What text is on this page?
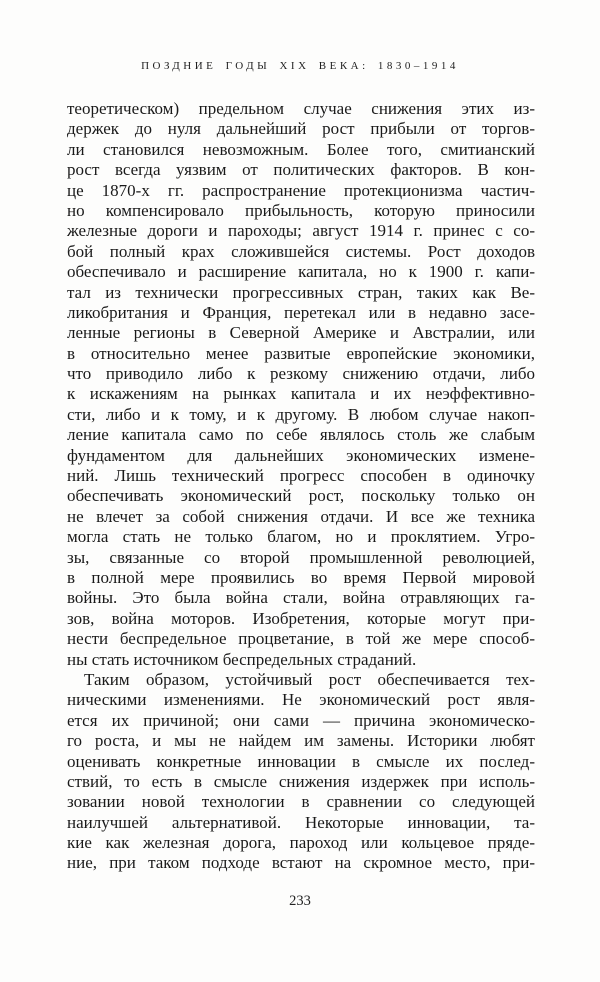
ПОЗДНИЕ ГОДЫ XIX ВЕКА: 1830–1914
теоретическом) предельном случае снижения этих из-
держек до нуля дальнейший рост прибыли от торгов-
ли становился невозможным. Более того, смитианский
рост всегда уязвим от политических факторов. В кон-
це 1870-х гг. распространение протекционизма частич-
но компенсировало прибыльность, которую приносили
железные дороги и пароходы; август 1914 г. принес с со-
бой полный крах сложившейся системы. Рост доходов
обеспечивало и расширение капитала, но к 1900 г. капи-
тал из технически прогрессивных стран, таких как Ве-
ликобритания и Франция, перетекал или в недавно засе-
ленные регионы в Северной Америке и Австралии, или
в относительно менее развитые европейские экономики,
что приводило либо к резкому снижению отдачи, либо
к искажениям на рынках капитала и их неэффективно-
сти, либо и к тому, и к другому. В любом случае накоп-
ление капитала само по себе являлось столь же слабым
фундаментом для дальнейших экономических измене-
ний. Лишь технический прогресс способен в одиночку
обеспечивать экономический рост, поскольку только он
не влечет за собой снижения отдачи. И все же техника
могла стать не только благом, но и проклятием. Угро-
зы, связанные со второй промышленной революцией,
в полной мере проявились во время Первой мировой
войны. Это была война стали, война отравляющих га-
зов, война моторов. Изобретения, которые могут при-
нести беспредельное процветание, в той же мере способ-
ны стать источником беспредельных страданий.
Таким образом, устойчивый рост обеспечивается тех-
ническими изменениями. Не экономический рост явля-
ется их причиной; они сами — причина экономическо-
го роста, и мы не найдем им замены. Историки любят
оценивать конкретные инновации в смысле их послед-
ствий, то есть в смысле снижения издержек при исполь-
зовании новой технологии в сравнении со следующей
наилучшей альтернативой. Некоторые инновации, та-
кие как железная дорога, пароход или кольцевое пряде-
ние, при таком подходе встают на скромное место, при-
233
